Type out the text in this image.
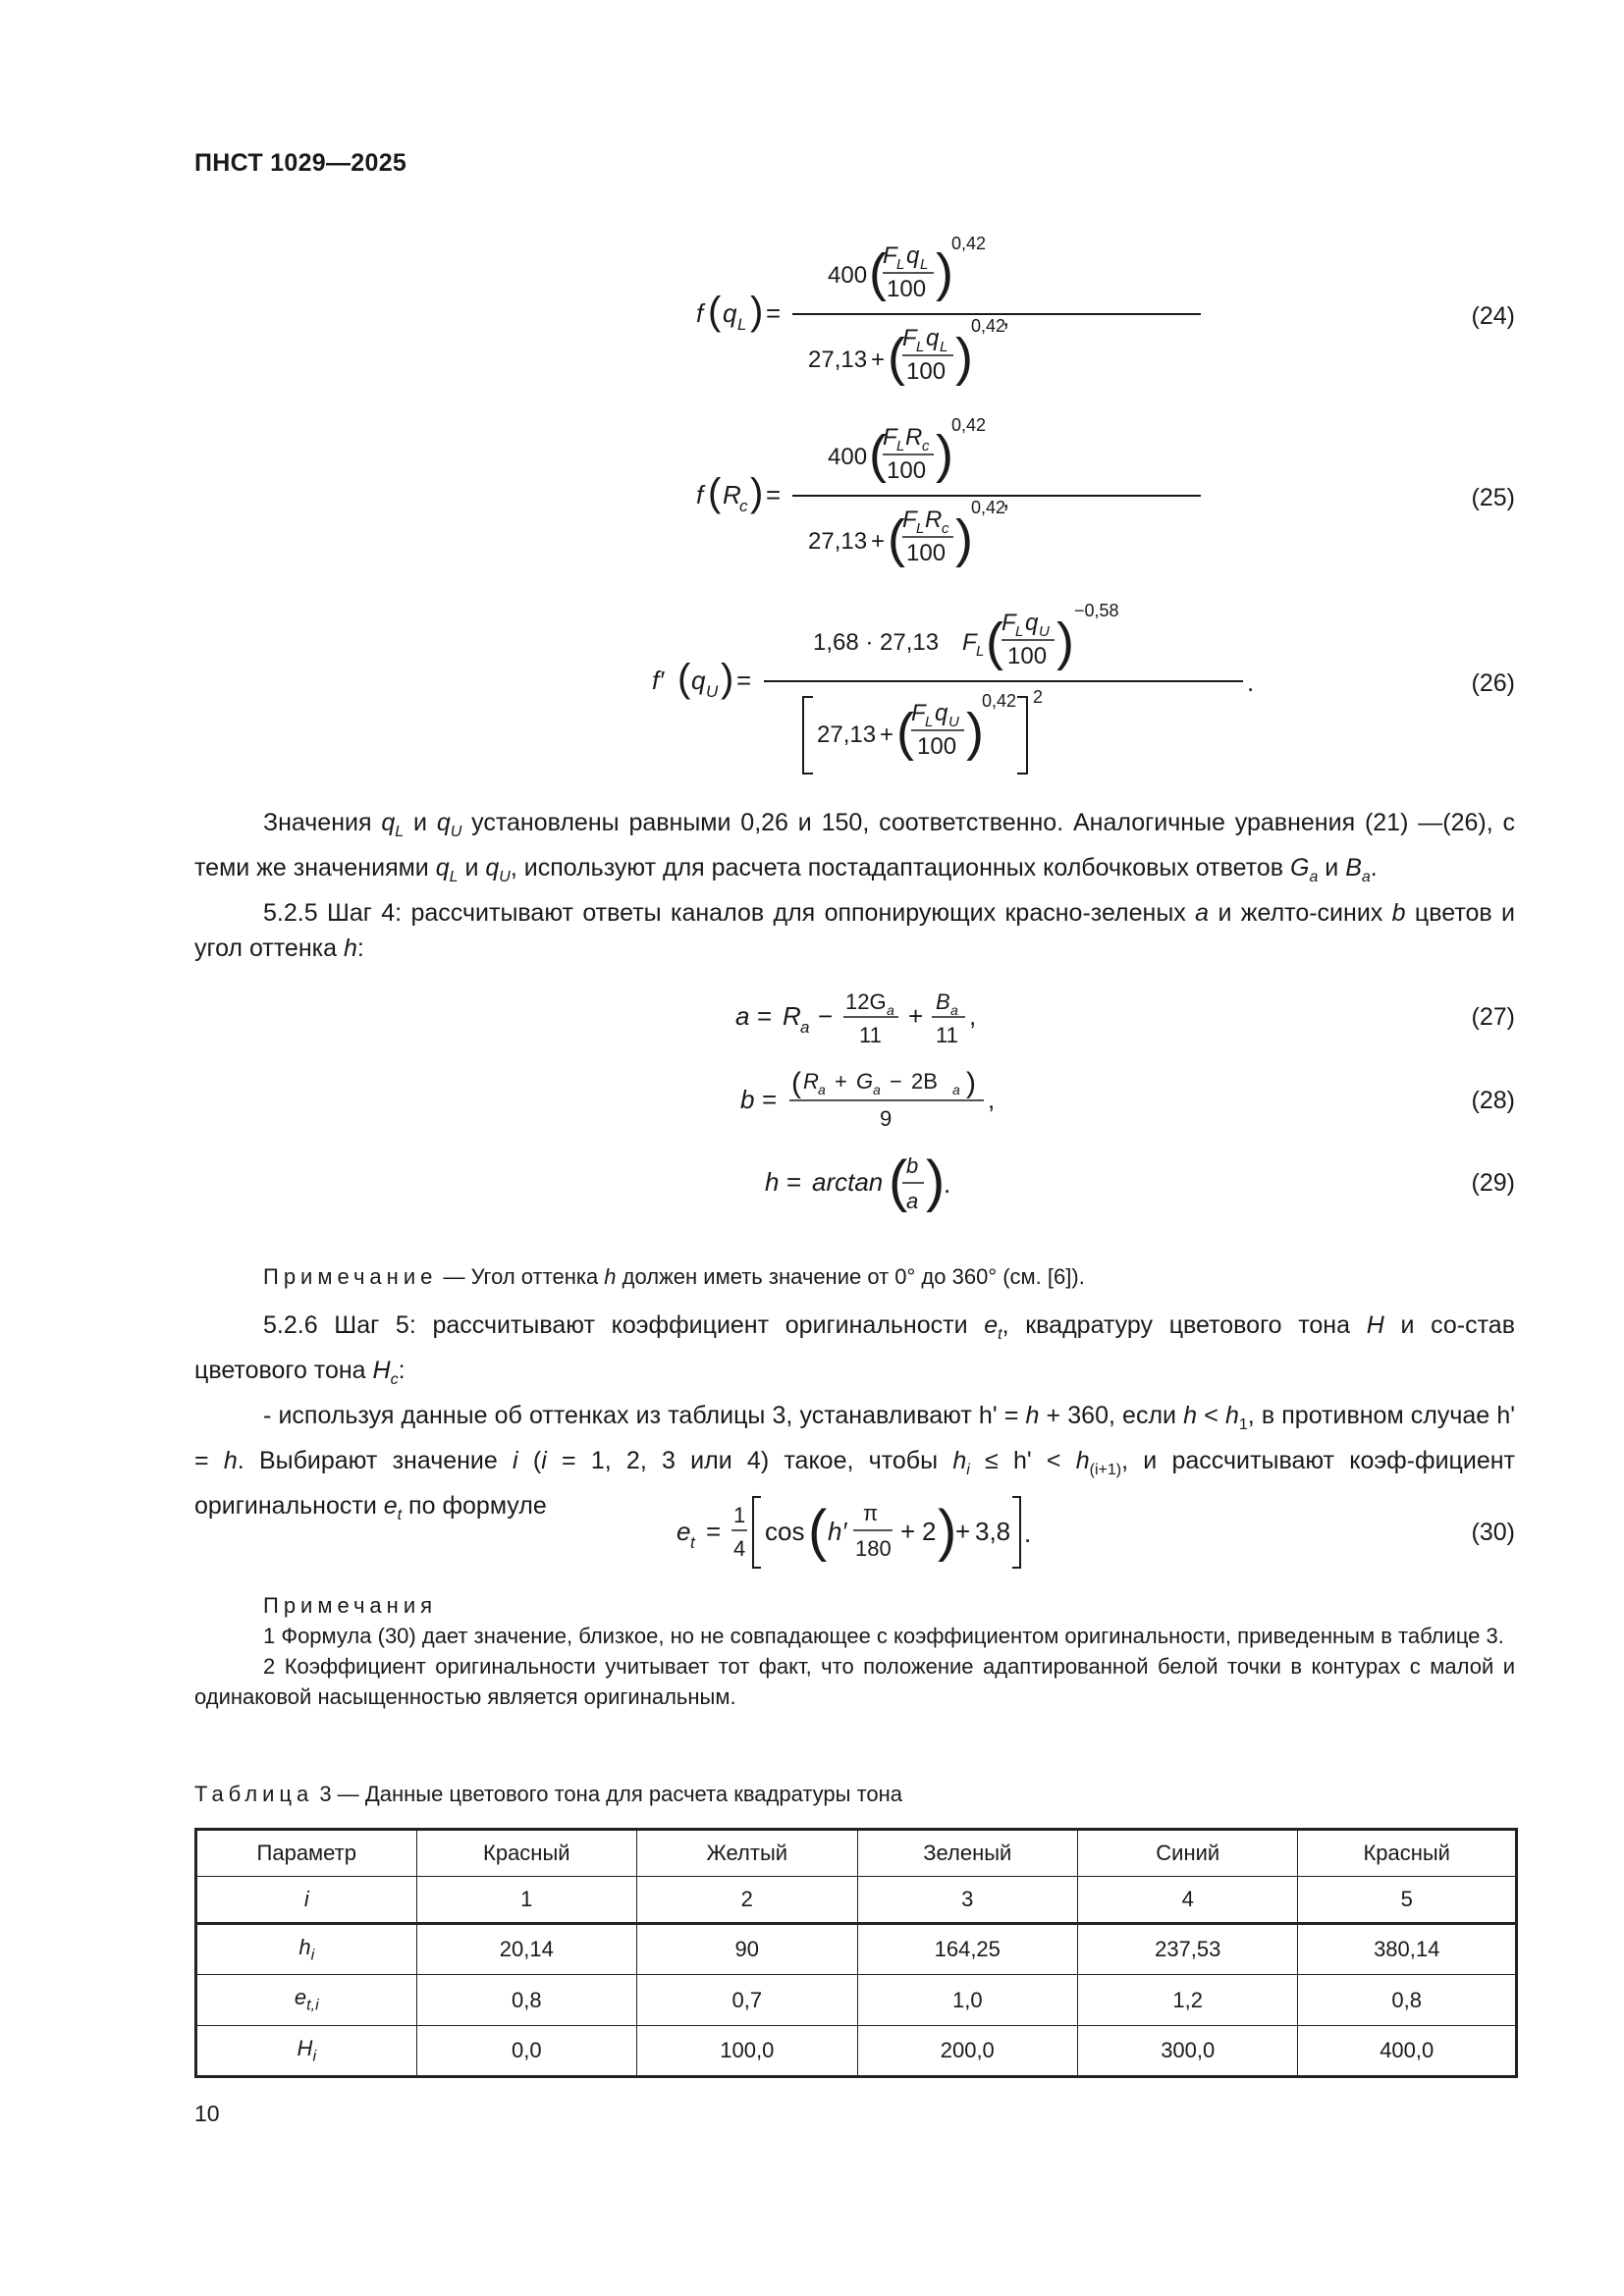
ПНСТ 1029—2025
f ( q L ) =
400 (
F L q L
100 )
0,42
27,13 + (
F L q L
100 )
0,42
,	(24)
f ( R
c ) =
400 (
F L R c
100 )
0,42
27,13 + (
F L R c
100 )
0,42
,	(25)
f′ ( q U ) =
1,68 · 27,13 F L (
F L q U
100 )
−0,58
27,13 + (
F L q U
100 )
0,42 2	.	(26)
Значения $q_L$ и $q_U$ установлены равными 0,26 и 150, соответственно. Аналогичные уравнения (21) —(26), с теми же значениями $q_L$ и $q_U$, используют для расчета постадаптационных колбочковых ответов $G_a$ и $B_a$.
5.2.5 Шаг 4: рассчитывают ответы каналов для оппонирующих красно-зеленых a и желто-синих b цветов и угол оттенка h:
a = R a − 12G a
11
+ B a
11
,	(27)
b = ( R a + G a − 2B a )
9
,	(28)
h = arctan (
b
a )
.	(29)
Примечание — Угол оттенка h должен иметь значение от 0° до 360° (см. [6]).
5.2.6 Шаг 5: рассчитывают коэффициент оригинальности $e_t$, квадратуру цветового тона H и со-став цветового тона $H_c$:
- используя данные об оттенках из таблицы 3, устанавливают h' = h + 360, если $h < h_1$, в противном случае h' = h. Выбирают значение i (i = 1, 2, 3 или 4) такое, чтобы $h_i \le h' < h_{(i+1)}$, и рассчитывают коэф-фициент оригинальности $e_t$ по формуле
e t =
1
4
cos ( h′
π
180
+ 2 )
+ 3,8 .	(30)
Примечания
1 Формула (30) дает значение, близкое, но не совпадающее с коэффициентом оригинальности, приведенным в таблице 3.
2 Коэффициент оригинальности учитывает тот факт, что положение адаптированной белой точки в контурах с малой и одинаковой насыщенностью является оригинальным.
Таблица 3 — Данные цветового тона для расчета квадратуры тона
Параметр	Красный	Желтый	Зеленый	Синий	Красный
i	1	2	3	4	5
$h_i$	20,14	90	164,25	237,53	380,14
$e_{t,i}$	0,8	0,7	1,0	1,2	0,8
$H_i$	0,0	100,0	200,0	300,0	400,0
10
